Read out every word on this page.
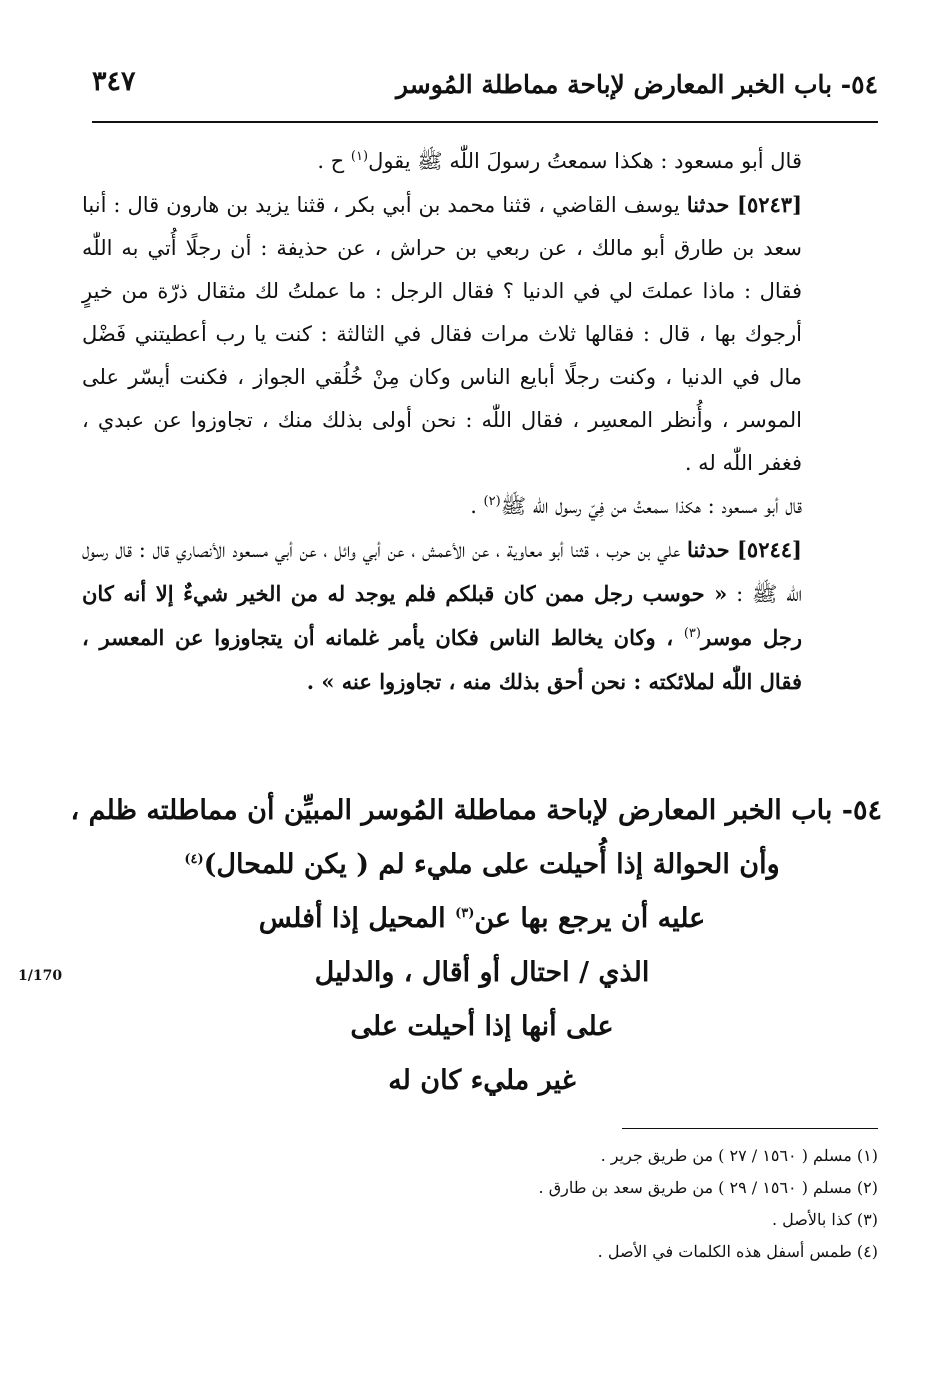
٥٤- باب الخبر المعارض لإباحة مماطلة المُوسر
٣٤٧

قال أبو مسعود : هكذا سمعتُ رسولَ اللّٰه ﷺ يقول$^{(١)}$ ح .

[٥٢٤٣] حدثنا يوسف القاضي ، قثنا محمد بن أبي بكر ، قثنا يزيد بن هارون قال : أنبا سعد بن طارق أبو مالك ، عن ربعي بن حراش ، عن حذيفة : أن رجلًا أُتي به اللّٰه فقال : ماذا عملتَ لي في الدنيا ؟ فقال الرجل : ما عملتُ لك مثقال ذرّة من خيرٍ أرجوك بها ، قال : فقالها ثلاث مرات فقال في الثالثة : كنت يا رب أعطيتني فَضْل مال في الدنيا ، وكنت رجلًا أبايع الناس وكان مِنْ خُلُقي الجواز ، فكنت أيسّر على الموسر ، وأُنظر المعسِر ، فقال اللّٰه : نحن أولى بذلك منك ، تجاوزوا عن عبدي ، فغفر اللّٰه له .

قال أبو مسعود : هكذا سمعتُ من فِيّ رسول اللّٰه ﷺ$^{(٢)}$ .

[٥٢٤٤] حدثنا علي بن حرب ، قثنا أبو معاوية ، عن الأعمش ، عن أبي وائل ، عن أبي مسعود الأنصاري قال : قال رسول اللّٰه ﷺ : « حوسب رجل ممن كان قبلكم فلم يوجد له من الخير شيءٌ إلا أنه كان رجل موسر$^{(٣)}$ ، وكان يخالط الناس فكان يأمر غلمانه أن يتجاوزوا عن المعسر ، فقال اللّٰه لملائكته : نحن أحق بذلك منه ، تجاوزوا عنه » .

٥٤- باب الخبر المعارض لإباحة مماطلة المُوسر المبيِّن أن مماطلته ظلم ،
وأن الحوالة إذا أُحيلت على مليء لم ( يكن للمحال)$^{(٤)}$
عليه أن يرجع بها عن$^{(٣)}$ المحيل إذا أفلس
الذي / احتال أو أقال ، والدليل
على أنها إذا أحيلت على
غير مليء كان له
1/170
(١) مسلم ( ١٥٦٠ / ٢٧ ) من طريق جرير .
(٢) مسلم ( ١٥٦٠ / ٢٩ ) من طريق سعد بن طارق .
(٣) كذا بالأصل .
(٤) طمس أسفل هذه الكلمات في الأصل .
